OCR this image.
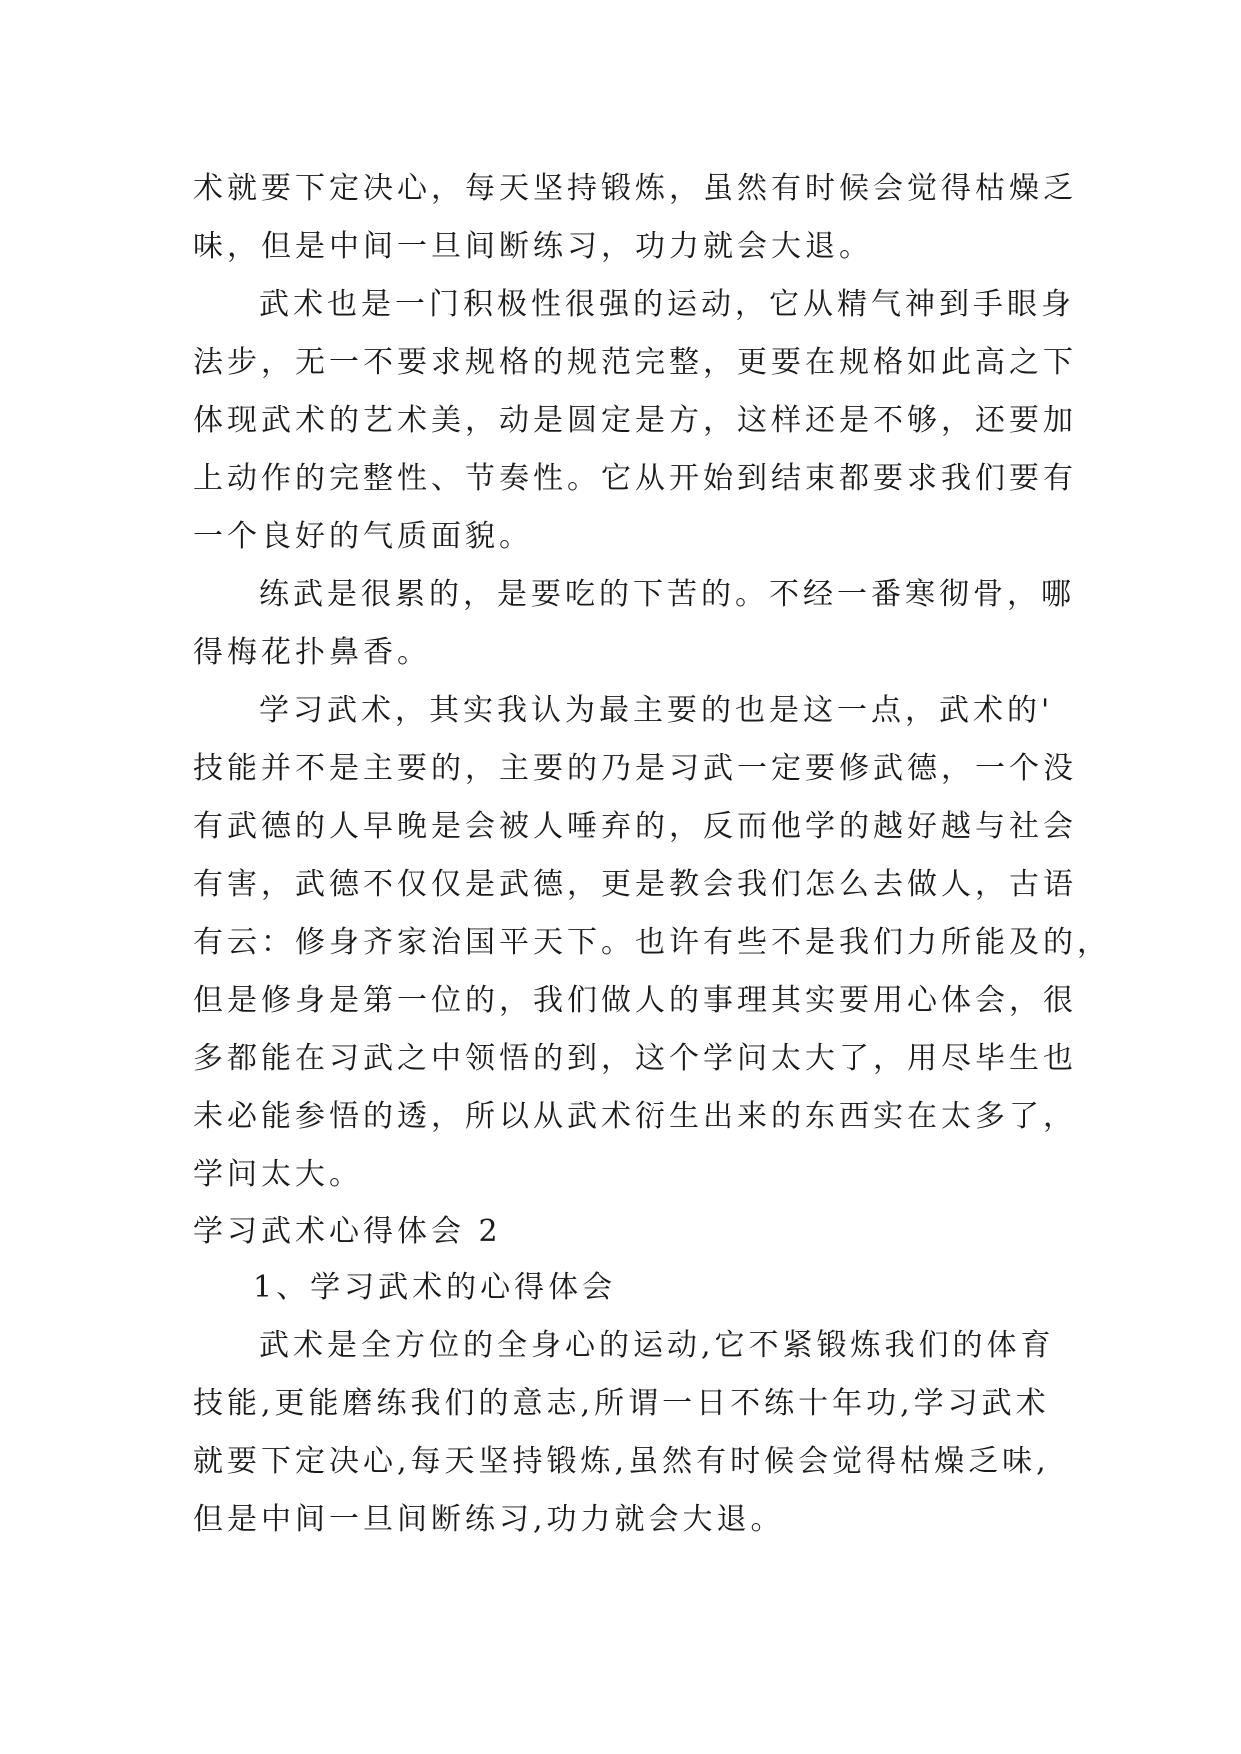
术就要下定决心，每天坚持锻炼，虽然有时候会觉得枯燥乏
味，但是中间一旦间断练习，功力就会大退。
武术也是一门积极性很强的运动，它从精气神到手眼身
法步，无一不要求规格的规范完整，更要在规格如此高之下
体现武术的艺术美，动是圆定是方，这样还是不够，还要加
上动作的完整性、节奏性。它从开始到结束都要求我们要有
一个良好的气质面貌。
练武是很累的，是要吃的下苦的。不经一番寒彻骨，哪
得梅花扑鼻香。
学习武术，其实我认为最主要的也是这一点，武术的'
技能并不是主要的，主要的乃是习武一定要修武德，一个没
有武德的人早晚是会被人唾弃的，反而他学的越好越与社会
有害，武德不仅仅是武德，更是教会我们怎么去做人，古语
有云：修身齐家治国平天下。也许有些不是我们力所能及的，
但是修身是第一位的，我们做人的事理其实要用心体会，很
多都能在习武之中领悟的到，这个学问太大了，用尽毕生也
未必能参悟的透，所以从武术衍生出来的东西实在太多了，
学问太大。
学习武术心得体会 2
1、学习武术的心得体会
武术是全方位的全身心的运动,它不紧锻炼我们的体育
技能,更能磨练我们的意志,所谓一日不练十年功,学习武术
就要下定决心,每天坚持锻炼,虽然有时候会觉得枯燥乏味,
但是中间一旦间断练习,功力就会大退。
